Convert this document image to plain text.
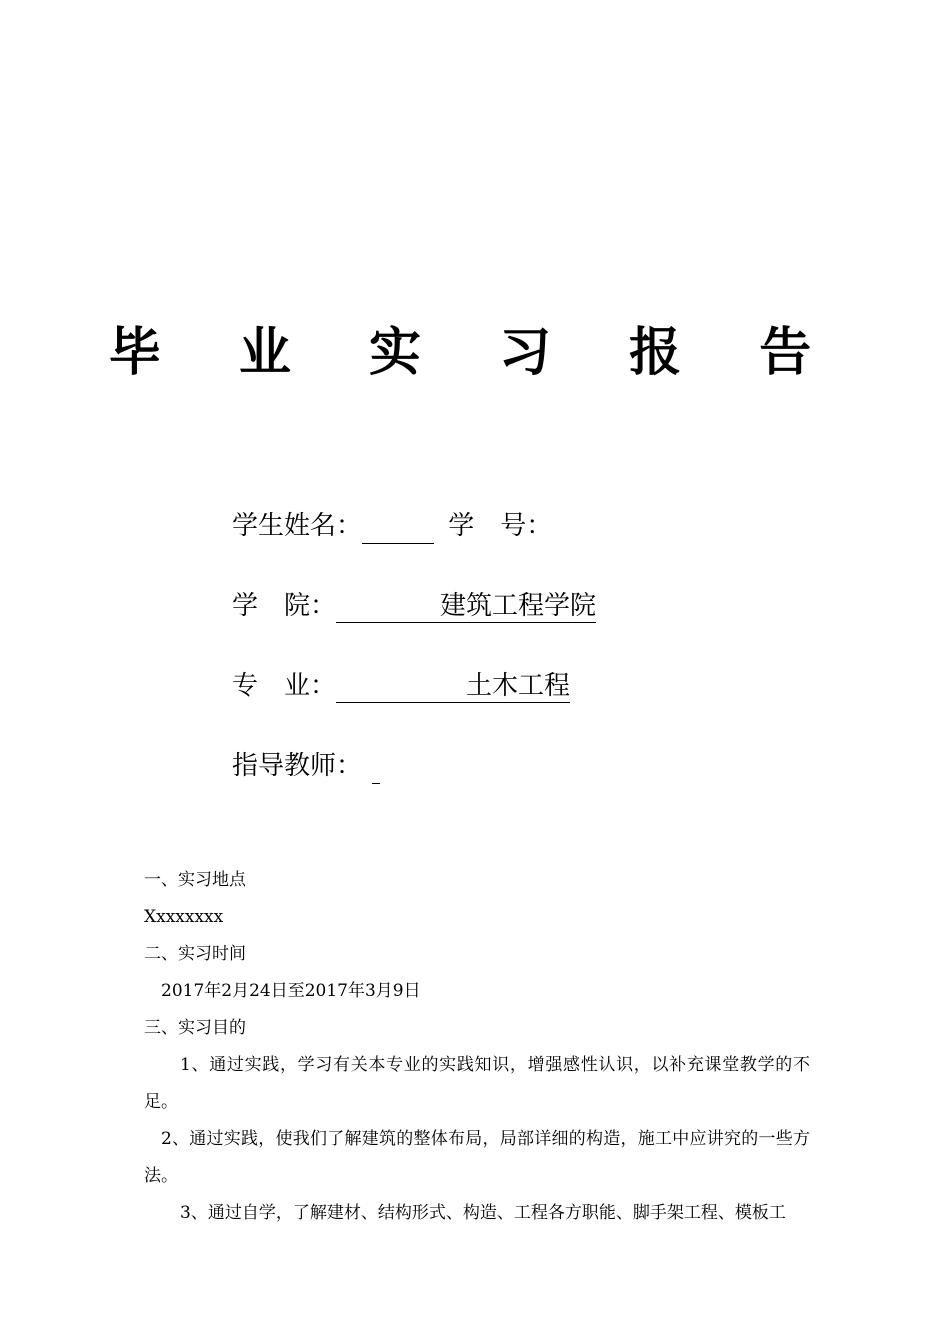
毕 业 实 习 报 告
学生姓名：	学　号：
学　院：	建筑工程学院
专　业：	土木工程
指导教师：

一、实习地点

Xxxxxxxx

二、实习时间

2017年2月24日至2017年3月9日

三、实习目的

1、通过实践，学习有关本专业的实践知识，增强感性认识，以补充课堂教学的不足。

2、通过实践，使我们了解建筑的整体布局，局部详细的构造，施工中应讲究的一些方法。

3、通过自学，了解建材、结构形式、构造、工程各方职能、脚手架工程、模板工
